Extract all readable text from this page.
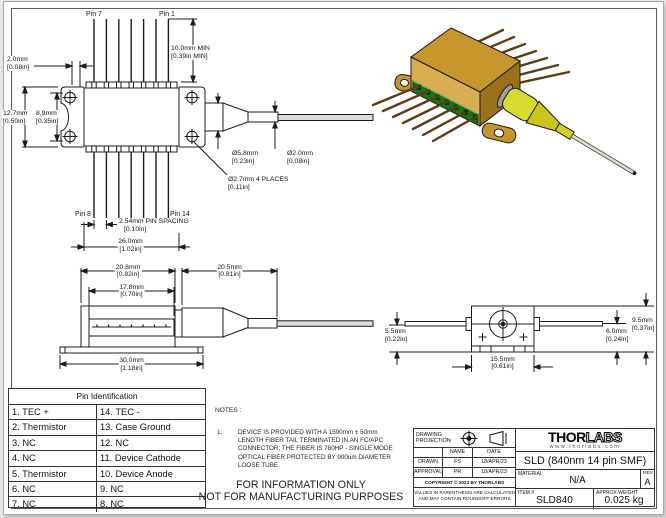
Pin 7	Pin 1
Pin 8	Pin 14
10.0mm MIN
[0.39in MIN]
2.0mm
[0.08in]
12.7mm
[0.50in]
8.9mm
[0.35in]
Ø5.8mm
[0.23in]
Ø2.0mm
[0.08in]
Ø2.7mm 4 PLACES
[0.11in]
2.54mm PIN SPACING
[0.10in]
26.0mm
[1.02in]
20.8mm
[0.82in]
20.5mm
[0.81in]
17.8mm
[0.70in]
30.0mm
[1.18in]
5.5mm
[0.22in]
6.0mm
[0.24in]
9.5mm
[0.37in]
15.5mm
[0.61in]
Pin Identification
1. TEC +	14. TEC -
2. Thermistor	13. Case Ground
3. NC	12. NC
4. NC	11. Device Cathode
5. Thermistor	10. Device Anode
6. NC	9. NC
7. NC	8. NC
NOTES :
1. DEVICE IS PROVIDED WITH A 1500mm ± 50mm LENGTH FIBER TAIL TERMINATED IN AN FC/APC CONNECTOR; THE FIBER IS 780HP - SINGLE MODE OPTICAL FIBER PROTECTED BY 900um DIAMETER LOOSE TUBE.
FOR INFORMATION ONLY
NOT FOR MANUFACTURING PURPOSES
DRAWING
PROJECTION
NAME	DATE
DRAWN	FS	18/APR/23
APPROVAL	PR	18/APR/23
COPYRIGHT © 2023 BY THORLABS
VALUES IN PARENTHESIS ARE CALCULATED
AND MAY CONTAIN ROUNDOFF ERRORS
THORLABS
www.thorlabs.com
SLD (840nm 14 pin SMF)
MATERIAL
N/A
REV
A
ITEM #
SLD840
APPROX WEIGHT
0.025 kg
